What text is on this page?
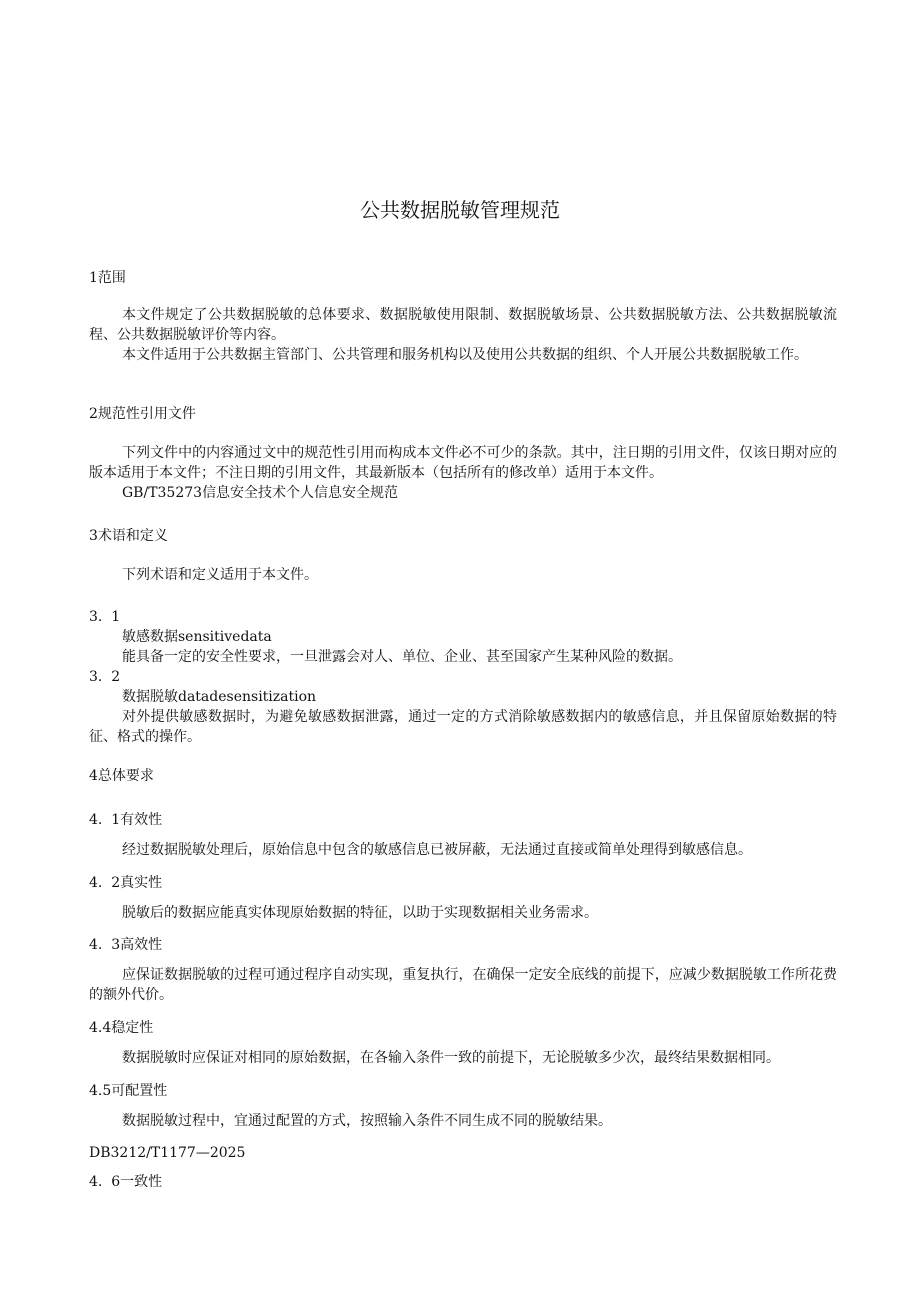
公共数据脱敏管理规范
1范围
本文件规定了公共数据脱敏的总体要求、数据脱敏使用限制、数据脱敏场景、公共数据脱敏方法、公共数据脱敏流程、公共数据脱敏评价等内容。
本文件适用于公共数据主管部门、公共管理和服务机构以及使用公共数据的组织、个人开展公共数据脱敏工作。
2规范性引用文件
下列文件中的内容通过文中的规范性引用而构成本文件必不可少的条款。其中，注日期的引用文件，仅该日期对应的版本适用于本文件；不注日期的引用文件，其最新版本（包括所有的修改单）适用于本文件。
GB/T35273信息安全技术个人信息安全规范
3术语和定义
下列术语和定义适用于本文件。
3.  1
敏感数据sensitivedata
能具备一定的安全性要求，一旦泄露会对人、单位、企业、甚至国家产生某种风险的数据。
3.  2
数据脱敏datadesensitization
对外提供敏感数据时，为避免敏感数据泄露，通过一定的方式消除敏感数据内的敏感信息，并且保留原始数据的特征、格式的操作。
4总体要求
4.  1有效性
经过数据脱敏处理后，原始信息中包含的敏感信息已被屏蔽，无法通过直接或简单处理得到敏感信息。
4.  2真实性
脱敏后的数据应能真实体现原始数据的特征，以助于实现数据相关业务需求。
4.  3高效性
应保证数据脱敏的过程可通过程序自动实现，重复执行，在确保一定安全底线的前提下，应减少数据脱敏工作所花费的额外代价。
4.4稳定性
数据脱敏时应保证对相同的原始数据，在各输入条件一致的前提下，无论脱敏多少次，最终结果数据相同。
4.5可配置性
数据脱敏过程中，宜通过配置的方式，按照输入条件不同生成不同的脱敏结果。
DB3212/T1177—2025
4.  6一致性
